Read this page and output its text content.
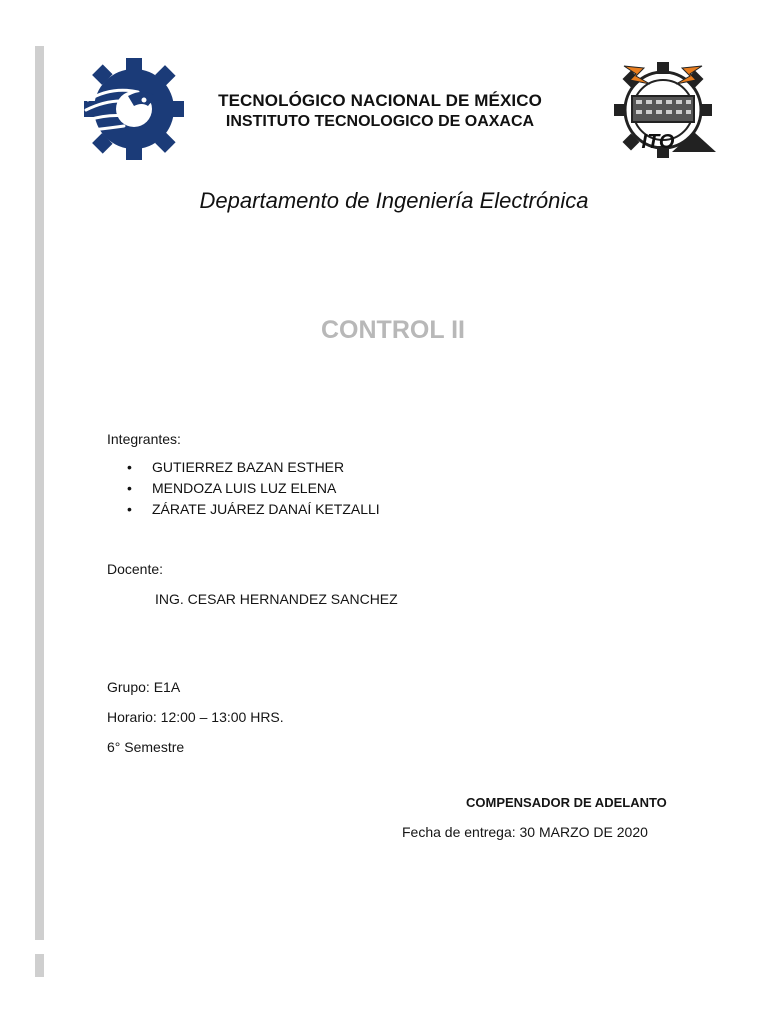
TECNOLÓGICO NACIONAL DE MÉXICO
INSTITUTO TECNOLOGICO DE OAXACA
ITO
Departamento de Ingeniería Electrónica
CONTROL II
Integrantes:
• GUTIERREZ BAZAN ESTHER
• MENDOZA LUIS LUZ ELENA
• ZÁRATE JUÁREZ DANAÍ KETZALLI
Docente:
ING. CESAR HERNANDEZ SANCHEZ
Grupo: E1A
Horario: 12:00 – 13:00 HRS.
6° Semestre
COMPENSADOR DE ADELANTO
Fecha de entrega: 30 MARZO DE 2020
